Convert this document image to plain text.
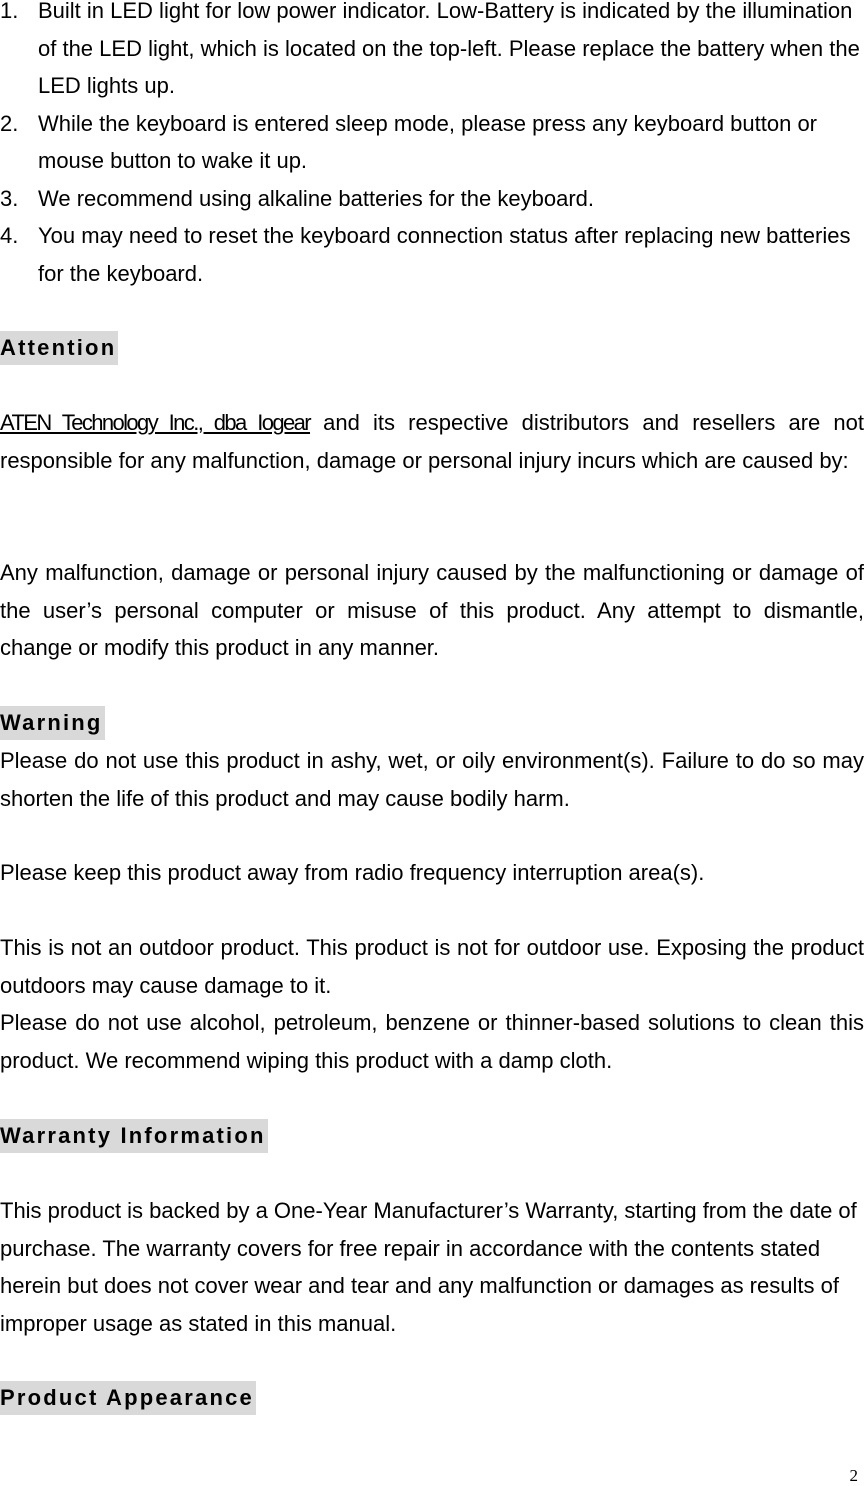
1. Built in LED light for low power indicator. Low-Battery is indicated by the illumination of the LED light, which is located on the top-left. Please replace the battery when the LED lights up.
2. While the keyboard is entered sleep mode, please press any keyboard button or mouse button to wake it up.
3. We recommend using alkaline batteries for the keyboard.
4. You may need to reset the keyboard connection status after replacing new batteries for the keyboard.
Attention

ATEN Technology Inc., dba Iogear and its respective distributors and resellers are not responsible for any malfunction, damage or personal injury incurs which are caused by:

Any malfunction, damage or personal injury caused by the malfunctioning or damage of the user’s personal computer or misuse of this product. Any attempt to dismantle, change or modify this product in any manner.

Warning

Please do not use this product in ashy, wet, or oily environment(s). Failure to do so may shorten the life of this product and may cause bodily harm.

Please keep this product away from radio frequency interruption area(s).

This is not an outdoor product. This product is not for outdoor use. Exposing the product outdoors may cause damage to it.

Please do not use alcohol, petroleum, benzene or thinner-based solutions to clean this product. We recommend wiping this product with a damp cloth.

Warranty Information

This product is backed by a One-Year Manufacturer’s Warranty, starting from the date of purchase. The warranty covers for free repair in accordance with the contents stated herein but does not cover wear and tear and any malfunction or damages as results of improper usage as stated in this manual.

Product Appearance
2
